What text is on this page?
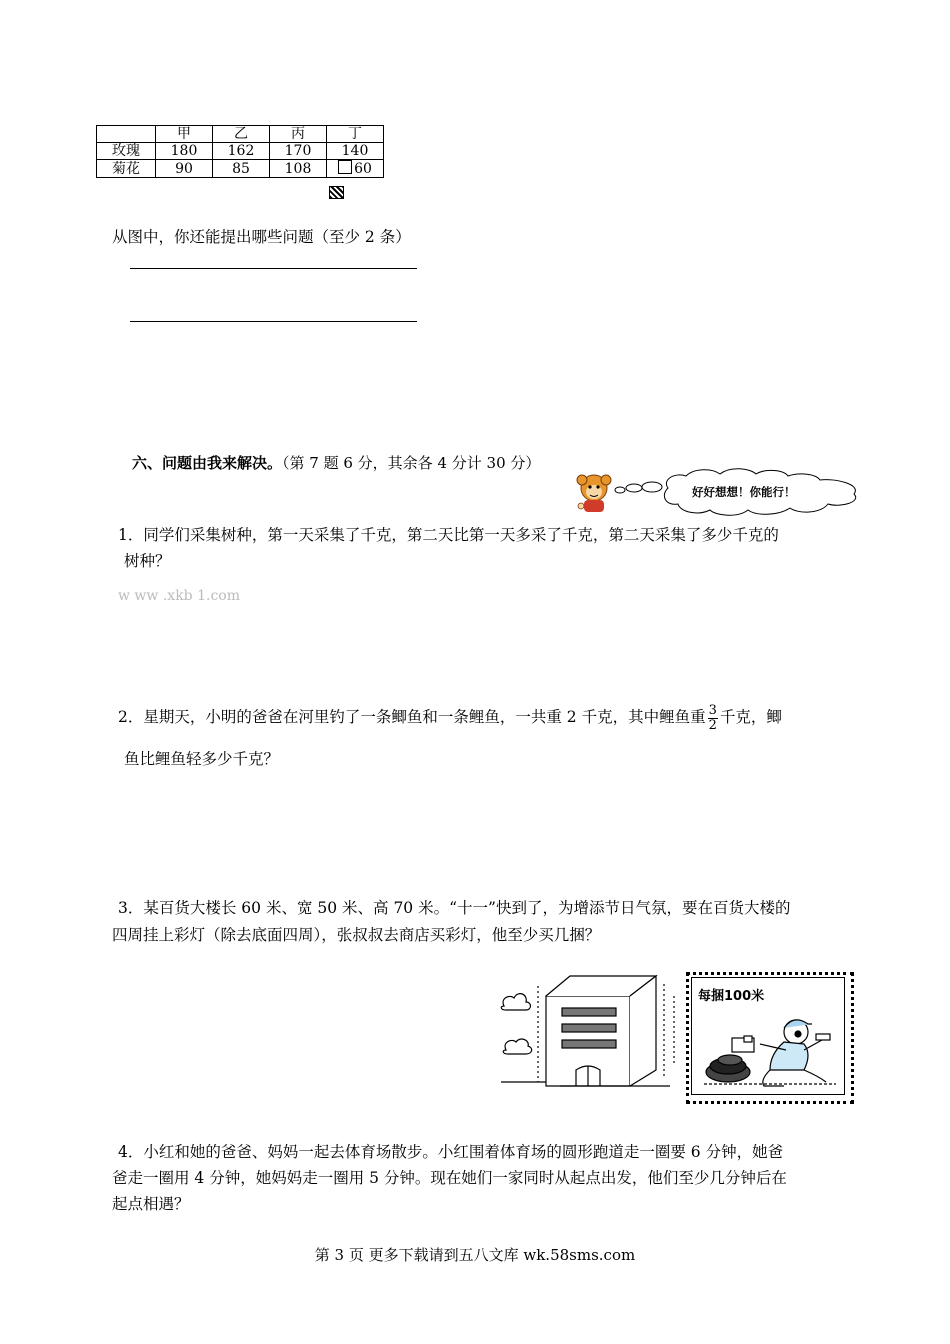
	甲	乙	丙	丁
玫瑰	180	162	170	140
菊花	90	85	108	60
从图中，你还能提出哪些问题（至少 2 条）
六、问题由我来解决。（第 7 题 6 分，其余各 4 分计 30 分）
好好想想！你能行！
1．同学们采集树种，第一天采集了千克，第二天比第一天多采了千克，第二天采集了多少千克的
树种？
w ww .xkb 1.com
2．星期天，小明的爸爸在河里钓了一条鲫鱼和一条鲤鱼，一共重 2 千克，其中鲤鱼重 $\frac{3}{2}$ 千克，鲫
鱼比鲤鱼轻多少千克？
3．某百货大楼长 60 米、宽 50 米、高 70 米。“十一”快到了，为增添节日气氛，要在百货大楼的
四周挂上彩灯（除去底面四周），张叔叔去商店买彩灯，他至少买几捆？
每捆100米
4．小红和她的爸爸、妈妈一起去体育场散步。小红围着体育场的圆形跑道走一圈要 6 分钟，她爸
爸走一圈用 4 分钟，她妈妈走一圈用 5 分钟。现在她们一家同时从起点出发，他们至少几分钟后在
起点相遇？
第 3 页 更多下载请到五八文库 wk.58sms.com
